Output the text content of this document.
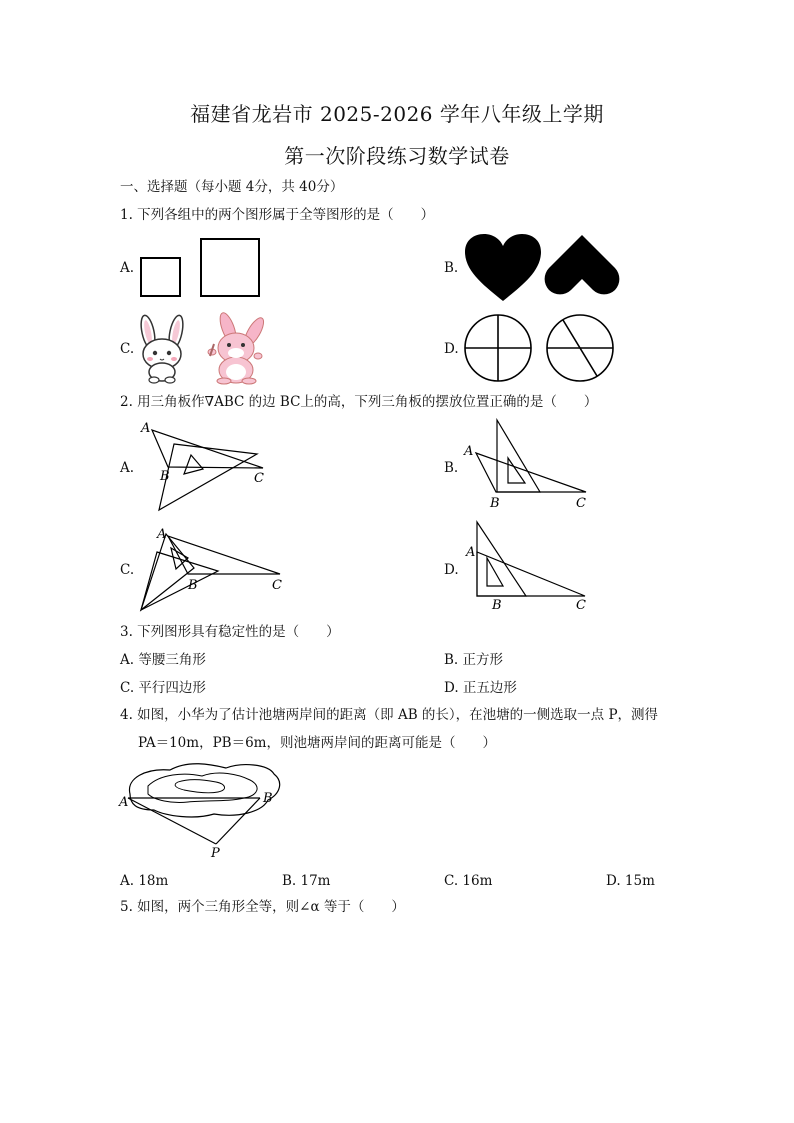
福建省龙岩市 2025-2026 学年八年级上学期
第一次阶段练习数学试卷
一、选择题（每小题 4分，共 40分）
1. 下列各组中的两个图形属于全等图形的是（　　）
A.	B.
C.	D.
2. 用三角板作∇ABC 的边 BC上的高，下列三角板的摆放位置正确的是（　　）
A.
A
B	C
B.
A
B	C
C.
A
B	C
D.
A
B	C
3. 下列图形具有稳定性的是（　　）
A. 等腰三角形	B. 正方形
C. 平行四边形	D. 正五边形
4. 如图，小华为了估计池塘两岸间的距离（即 AB 的长），在池塘的一侧选取一点 P，测得
PA＝10m，PB＝6m，则池塘两岸间的距离可能是（　　）
A	B
P
A. 18m	B. 17m	C. 16m	D. 15m
5. 如图，两个三角形全等，则∠α 等于（　　）
